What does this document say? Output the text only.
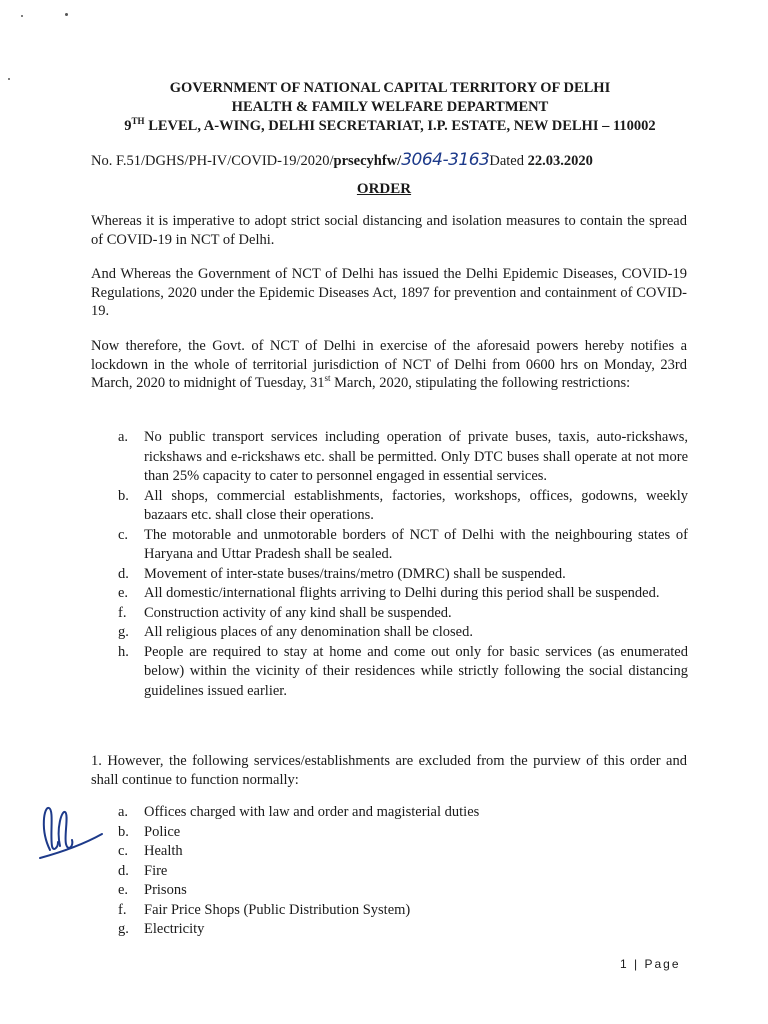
GOVERNMENT OF NATIONAL CAPITAL TERRITORY OF DELHI
HEALTH & FAMILY WELFARE DEPARTMENT
9TH LEVEL, A-WING, DELHI SECRETARIAT, I.P. ESTATE, NEW DELHI – 110002
No. F.51/DGHS/PH-IV/COVID-19/2020/prsecyhfw/3064-3163Dated 22.03.2020
ORDER
Whereas it is imperative to adopt strict social distancing and isolation measures to contain the spread of COVID-19 in NCT of Delhi.
And Whereas the Government of NCT of Delhi has issued the Delhi Epidemic Diseases, COVID-19 Regulations, 2020 under the Epidemic Diseases Act, 1897 for prevention and containment of COVID-19.
Now therefore, the Govt. of NCT of Delhi in exercise of the aforesaid powers hereby notifies a lockdown in the whole of territorial jurisdiction of NCT of Delhi from 0600 hrs on Monday, 23rd March, 2020 to midnight of Tuesday, 31st March, 2020, stipulating the following restrictions:
a. No public transport services including operation of private buses, taxis, auto-rickshaws, rickshaws and e-rickshaws etc. shall be permitted. Only DTC buses shall operate at not more than 25% capacity to cater to personnel engaged in essential services.
b. All shops, commercial establishments, factories, workshops, offices, godowns, weekly bazaars etc. shall close their operations.
c. The motorable and unmotorable borders of NCT of Delhi with the neighbouring states of Haryana and Uttar Pradesh shall be sealed.
d. Movement of inter-state buses/trains/metro (DMRC) shall be suspended.
e. All domestic/international flights arriving to Delhi during this period shall be suspended.
f. Construction activity of any kind shall be suspended.
g. All religious places of any denomination shall be closed.
h. People are required to stay at home and come out only for basic services (as enumerated below) within the vicinity of their residences while strictly following the social distancing guidelines issued earlier.
1. However, the following services/establishments are excluded from the purview of this order and shall continue to function normally:
a. Offices charged with law and order and magisterial duties
b. Police
c. Health
d. Fire
e. Prisons
f. Fair Price Shops (Public Distribution System)
g. Electricity
1 | Page
